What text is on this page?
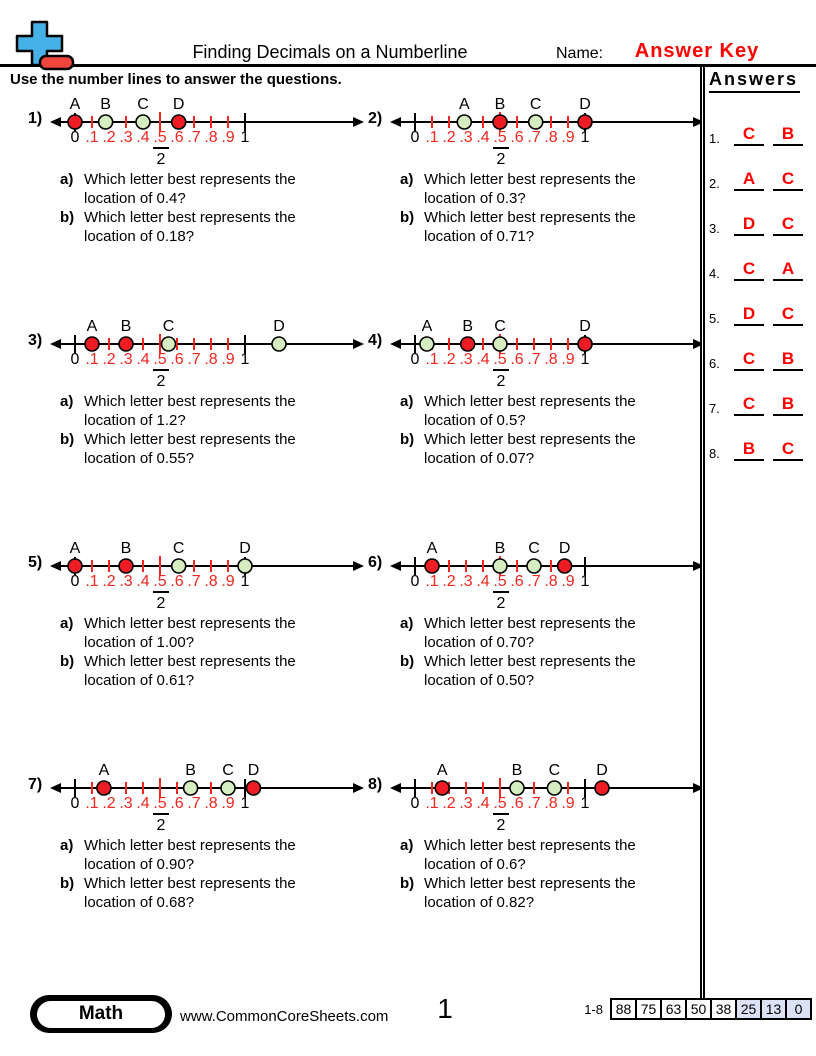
Finding Decimals on a Numberline	Name:	Answer Key
Use the number lines to answer the questions.	Answers
1.	C	B
2.	A	C
3.	D	C
4.	C	A
5.	D	C
6.	C	B
7.	C	B
8.	B	C
1)
0 .1 .2 .3 .4 .5
2
.6 .7 .8 .9 1
A B C D
a) Which letter best represents the
location of 0.4?
b) Which letter best represents the
location of 0.18?
2)
0 .1 .2 .3 .4 .5
2
.6 .7 .8 .9 1
A B C D
a) Which letter best represents the
location of 0.3?
b) Which letter best represents the
location of 0.71?
3)
0 .1 .2 .3 .4 .5
2
.6 .7 .8 .9 1
A B C	D
a) Which letter best represents the
location of 1.2?
b) Which letter best represents the
location of 0.55?
4)
0 .1 .2 .3 .4 .5
2
.6 .7 .8 .9 1
A B C	D
a) Which letter best represents the
location of 0.5?
b) Which letter best represents the
location of 0.07?
5)
0 .1 .2 .3 .4 .5
2
.6 .7 .8 .9 1
A	B	C	D
a) Which letter best represents the
location of 1.00?
b) Which letter best represents the
location of 0.61?
6)
0 .1 .2 .3 .4 .5
2
.6 .7 .8 .9 1
A	B C D
a) Which letter best represents the
location of 0.70?
b) Which letter best represents the
location of 0.50?
7)
0 .1 .2 .3 .4 .5
2
.6 .7 .8 .9 1
A	B C D
a) Which letter best represents the
location of 0.90?
b) Which letter best represents the
location of 0.68?
8)
0 .1 .2 .3 .4 .5
2
.6 .7 .8 .9 1
A	B C D
a) Which letter best represents the
location of 0.6?
b) Which letter best represents the
location of 0.82?
Math	www.CommonCoreSheets.com	1	1-8 88 75 63 50 38 25 13 0
